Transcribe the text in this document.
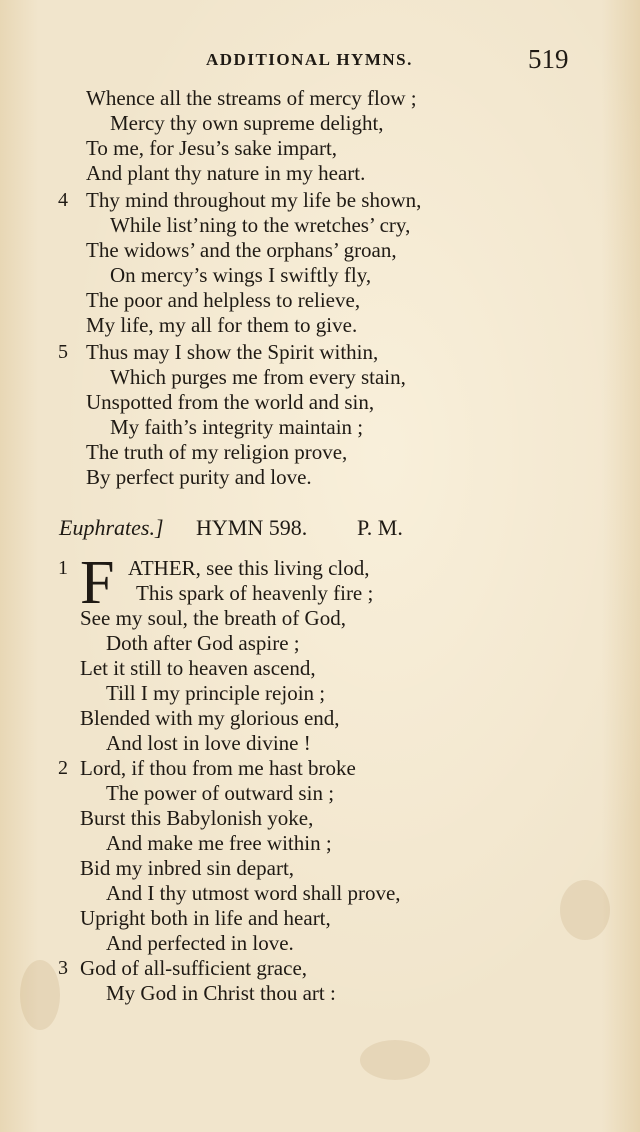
ADDITIONAL HYMNS.	519
Whence all the streams of mercy flow ;
Mercy thy own supreme delight,
To me, for Jesu’s sake impart,
And plant thy nature in my heart.
4 Thy mind throughout my life be shown,
While list’ning to the wretches’ cry,
The widows’ and the orphans’ groan,
On mercy’s wings I swiftly fly,
The poor and helpless to relieve,
My life, my all for them to give.
5 Thus may I show the Spirit within,
Which purges me from every stain,
Unspotted from the world and sin,
My faith’s integrity maintain ;
The truth of my religion prove,
By perfect purity and love.
Euphrates.] HYMN 598. P. M.
F
1	ATHER, see this living clod,
This spark of heavenly fire ;
See my soul, the breath of God,
Doth after God aspire ;
Let it still to heaven ascend,
Till I my principle rejoin ;
Blended with my glorious end,
And lost in love divine !
2 Lord, if thou from me hast broke
The power of outward sin ;
Burst this Babylonish yoke,
And make me free within ;
Bid my inbred sin depart,
And I thy utmost word shall prove,
Upright both in life and heart,
And perfected in love.
3 God of all-sufficient grace,
My God in Christ thou art :
